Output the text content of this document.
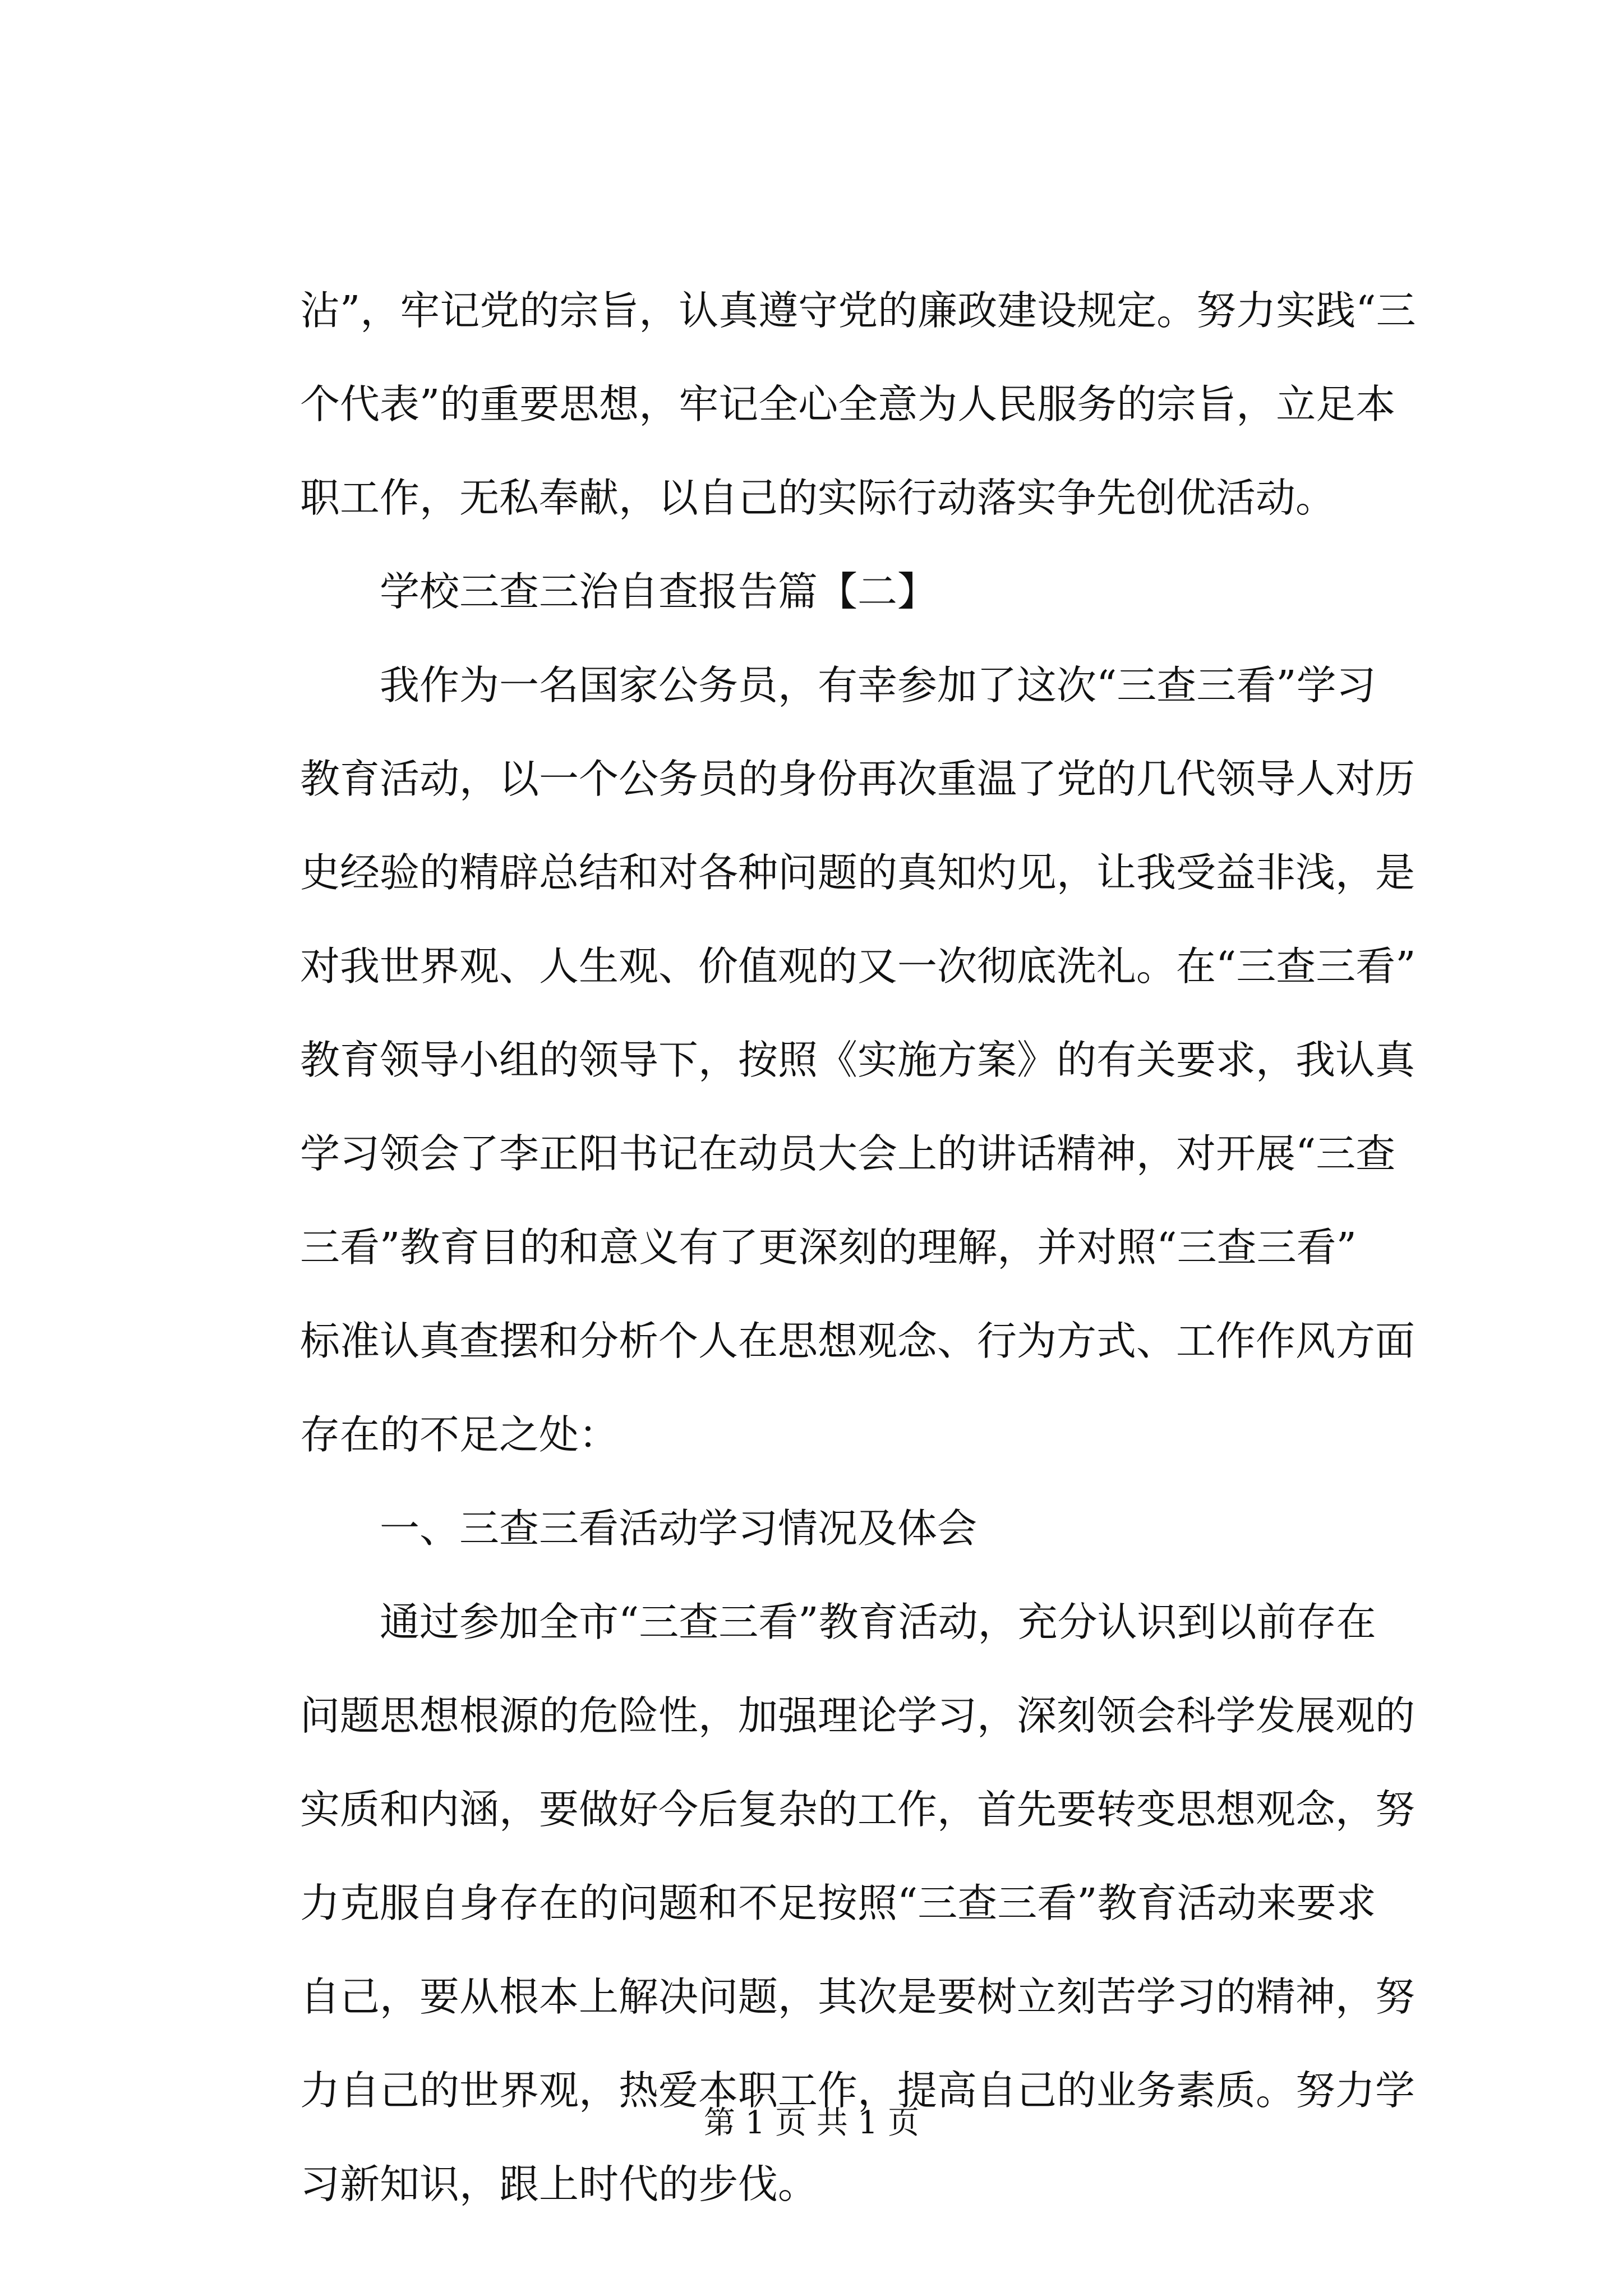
沾”，牢记党的宗旨，认真遵守党的廉政建设规定。努力实践“三
个代表”的重要思想，牢记全心全意为人民服务的宗旨，立足本
职工作，无私奉献，以自己的实际行动落实争先创优活动。
　　学校三查三治自查报告篇【二】
　　我作为一名国家公务员，有幸参加了这次“三查三看”学习
教育活动，以一个公务员的身份再次重温了党的几代领导人对历
史经验的精辟总结和对各种问题的真知灼见，让我受益非浅，是
对我世界观、人生观、价值观的又一次彻底洗礼。在“三查三看”
教育领导小组的领导下，按照《实施方案》的有关要求，我认真
学习领会了李正阳书记在动员大会上的讲话精神，对开展“三查
三看”教育目的和意义有了更深刻的理解，并对照“三查三看”
标准认真查摆和分析个人在思想观念、行为方式、工作作风方面
存在的不足之处：
　　一、三查三看活动学习情况及体会
　　通过参加全市“三查三看”教育活动，充分认识到以前存在
问题思想根源的危险性，加强理论学习，深刻领会科学发展观的
实质和内涵，要做好今后复杂的工作，首先要转变思想观念，努
力克服自身存在的问题和不足按照“三查三看”教育活动来要求
自己，要从根本上解决问题，其次是要树立刻苦学习的精神，努
力自己的世界观，热爱本职工作，提高自己的业务素质。努力学
习新知识，跟上时代的步伐。
第 1 页 共 1 页
